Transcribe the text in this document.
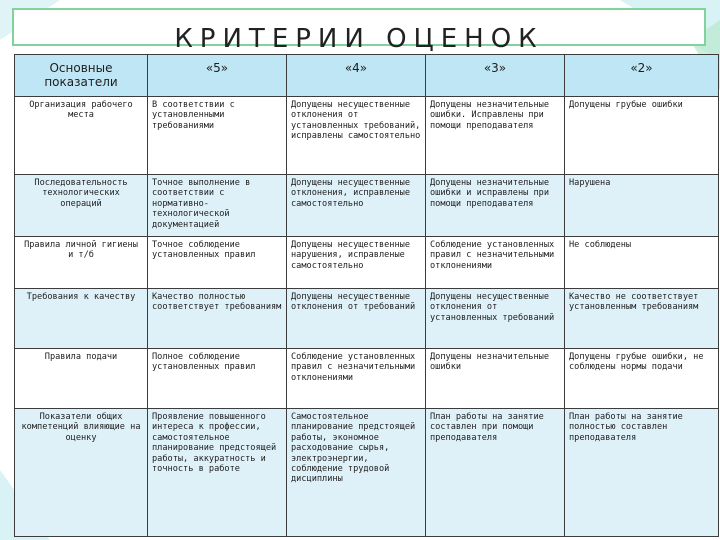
КРИТЕРИИ ОЦЕНОК
Основные показатели	«5»	«4»	«3»	«2»
Организация рабочего места	В соответствии с установленными требованиями	Допущены несущественные отклонения от установленных требований, исправлены самостоятельно	Допущены незначительные ошибки. Исправлены при помощи преподавателя	Допущены грубые ошибки
Последовательность технологических операций	Точное выполнение в соответствии с нормативно-технологической документацией	Допущены несущественные отклонения, исправленые самостоятельно	Допущены незначительные ошибки и исправлены при помощи преподавателя	Нарушена
Правила личной гигиены и т/б	Точное соблюдение установленных правил	Допущены несущественные нарушения, исправленые самостоятельно	Соблюдение установленных правил с незначительными отклонениями	Не соблюдены
Требования к качеству	Качество полностью соответствует требованиям	Допущены несущественные отклонения от требований	Допущены несущественные отклонения от установленных требований	Качество не соответствует установленным требованиям
Правила подачи	Полное соблюдение установленных правил	Соблюдение установленных правил с незначительными отклонениями	Допущены незначительные ошибки	Допущены грубые ошибки, не соблюдены нормы подачи
Показатели общих компетенций влияющие на оценку	Проявление повышенного интереса к профессии, самостоятельное планирование предстоящей работы, аккуратность и точность в работе	Самостоятельное планирование предстоящей работы, экономное расходование сырья, электроэнергии, соблюдение трудовой дисциплины	План работы на занятие составлен при помощи преподавателя	План работы на занятие полностью составлен преподавателя
